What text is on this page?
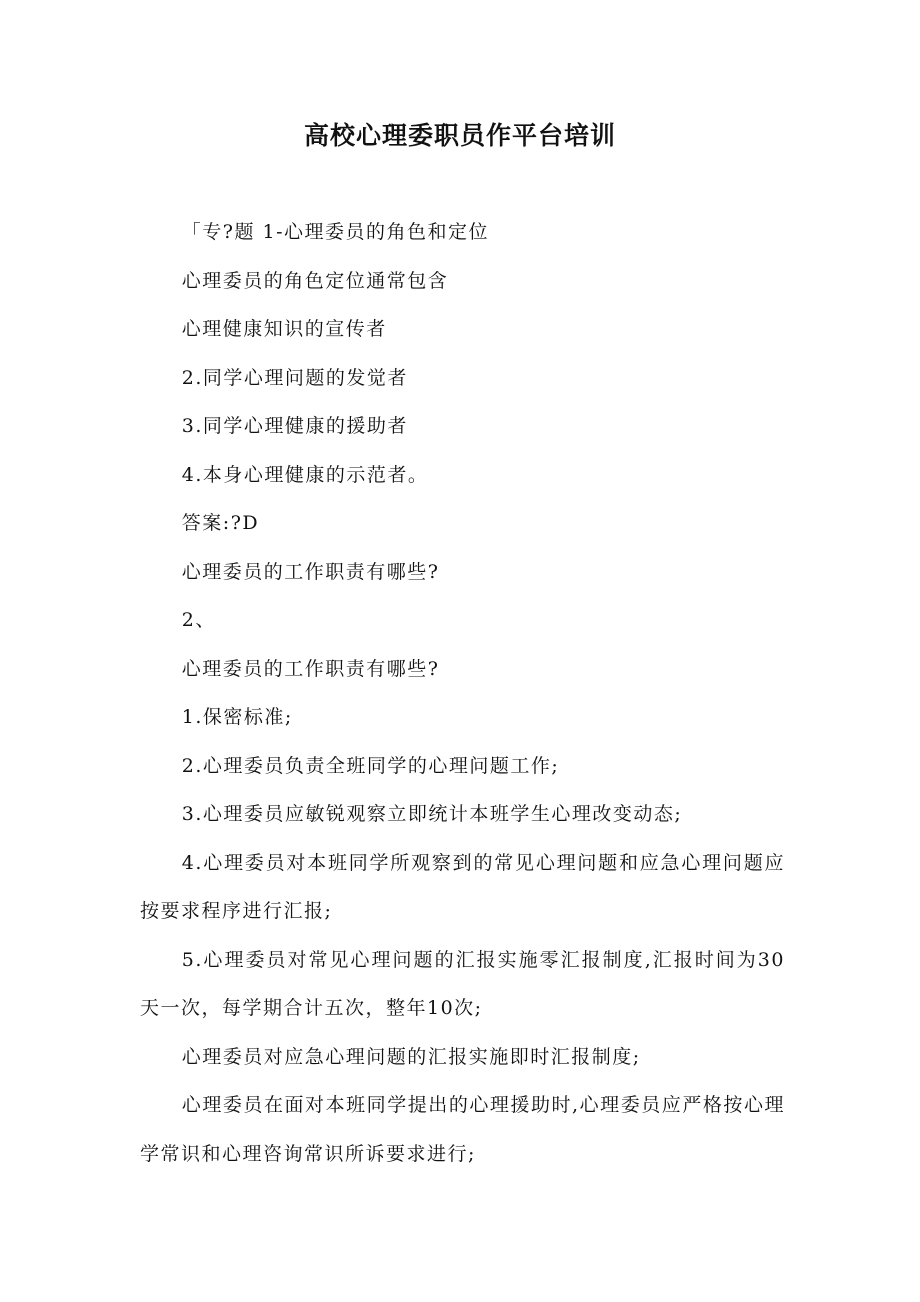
高校心理委职员作平台培训

「专?题 1-心理委员的角色和定位

心理委员的角色定位通常包含

心理健康知识的宣传者

2.同学心理问题的发觉者

3.同学心理健康的援助者

4.本身心理健康的示范者。

答案:?D

心理委员的工作职责有哪些?

2、

心理委员的工作职责有哪些?

1.保密标准;

2.心理委员负责全班同学的心理问题工作;

3.心理委员应敏锐观察立即统计本班学生心理改变动态;

4.心理委员对本班同学所观察到的常见心理问题和应急心理问题应按要求程序进行汇报;

5.心理委员对常见心理问题的汇报实施零汇报制度,汇报时间为30天一次，每学期合计五次，整年10次;

心理委员对应急心理问题的汇报实施即时汇报制度;

心理委员在面对本班同学提出的心理援助时,心理委员应严格按心理学常识和心理咨询常识所诉要求进行;
